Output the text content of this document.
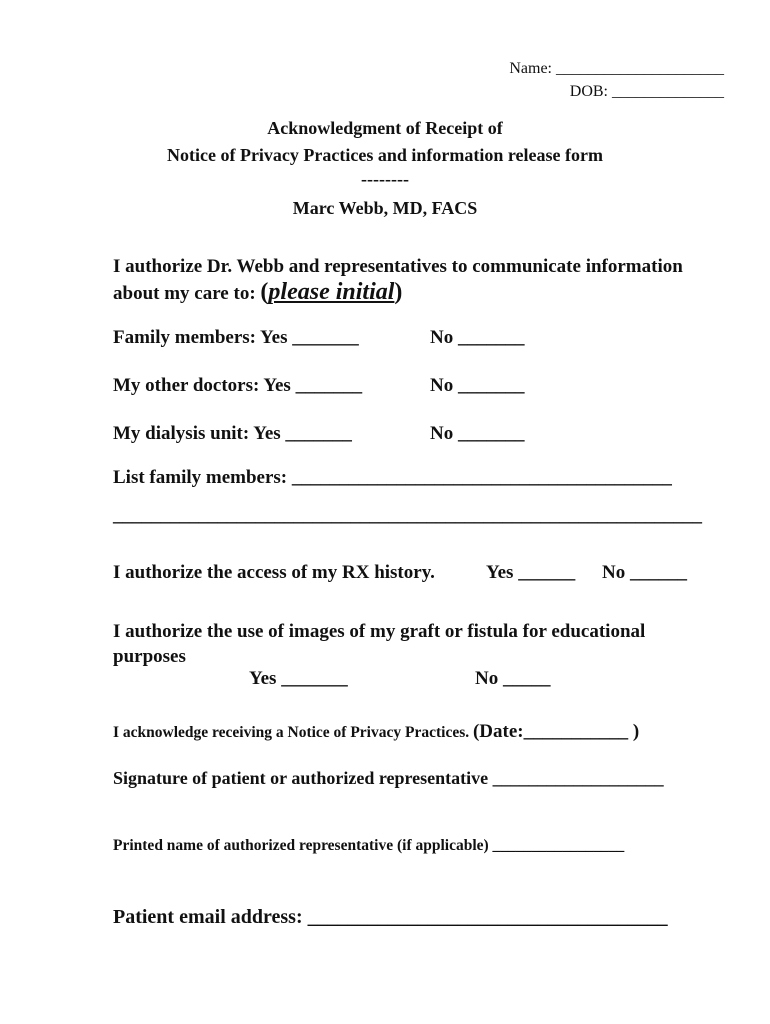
Name: _____________________
DOB: ______________
Acknowledgment of Receipt of
Notice of Privacy Practices and information release form
--------
Marc Webb, MD, FACS
I authorize Dr. Webb and representatives to communicate information
about my care to: (please initial)
Family members: Yes _______	No _______
My other doctors: Yes _______	No _______
My dialysis unit: Yes _______	No _______
List family members: ________________________________________
______________________________________________________________
I authorize the access of my RX history.	Yes ______ No ______
I authorize the use of images of my graft or fistula for educational
purposes
Yes _______	No _____
I acknowledge receiving a Notice of Privacy Practices. (Date:___________ )
Signature of patient or authorized representative ___________________
Printed name of authorized representative (if applicable) _________________
Patient email address: ____________________________________
